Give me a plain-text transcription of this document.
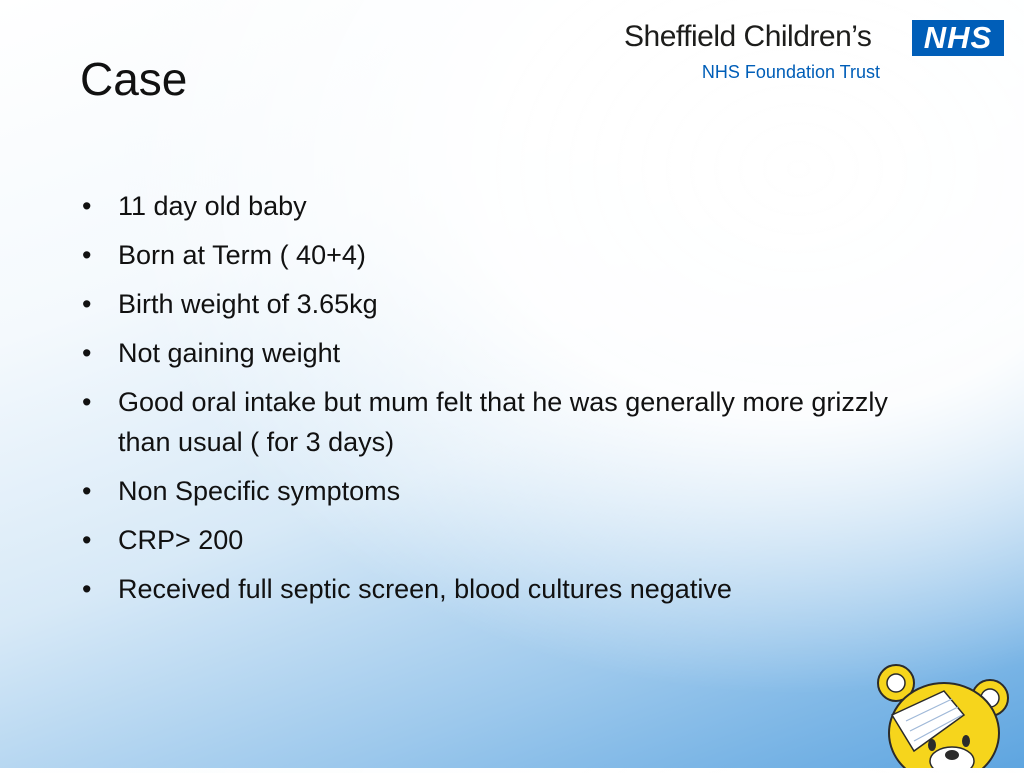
Sheffield Children’s	NHS
NHS Foundation Trust
Case
• 11 day old baby
• Born at Term ( 40+4)
• Birth weight of 3.65kg
• Not gaining weight
• Good oral intake but mum felt that he was generally more grizzly than usual ( for 3 days)
• Non Specific symptoms
• CRP> 200
• Received full septic screen, blood cultures negative
